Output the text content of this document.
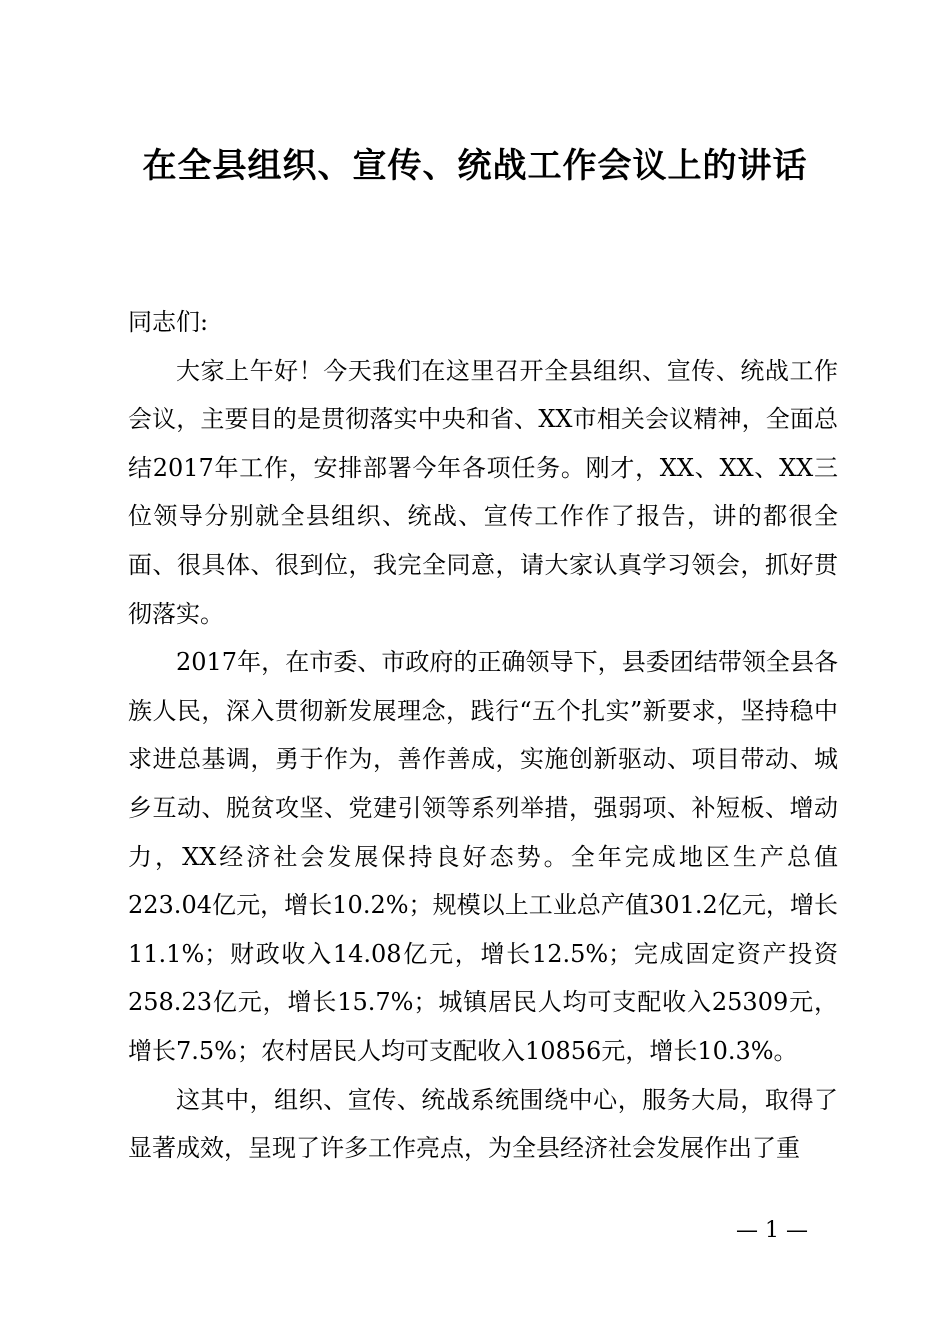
在全县组织、宣传、统战工作会议上的讲话

同志们:

大家上午好！今天我们在这里召开全县组织、宣传、统战工作会议，主要目的是贯彻落实中央和省、XX市相关会议精神，全面总结2017年工作，安排部署今年各项任务。刚才，XX、XX、XX三位领导分别就全县组织、统战、宣传工作作了报告，讲的都很全面、很具体、很到位，我完全同意，请大家认真学习领会，抓好贯彻落实。

2017年，在市委、市政府的正确领导下，县委团结带领全县各族人民，深入贯彻新发展理念，践行“五个扎实”新要求，坚持稳中求进总基调，勇于作为，善作善成，实施创新驱动、项目带动、城乡互动、脱贫攻坚、党建引领等系列举措，强弱项、补短板、增动力，XX经济社会发展保持良好态势。全年完成地区生产总值223.04亿元，增长10.2%；规模以上工业总产值301.2亿元，增长11.1%；财政收入14.08亿元，增长12.5%；完成固定资产投资258.23亿元，增长15.7%；城镇居民人均可支配收入25309元，增长7.5%；农村居民人均可支配收入10856元，增长10.3%。

这其中，组织、宣传、统战系统围绕中心，服务大局，取得了显著成效，呈现了许多工作亮点，为全县经济社会发展作出了重

— 1 —
